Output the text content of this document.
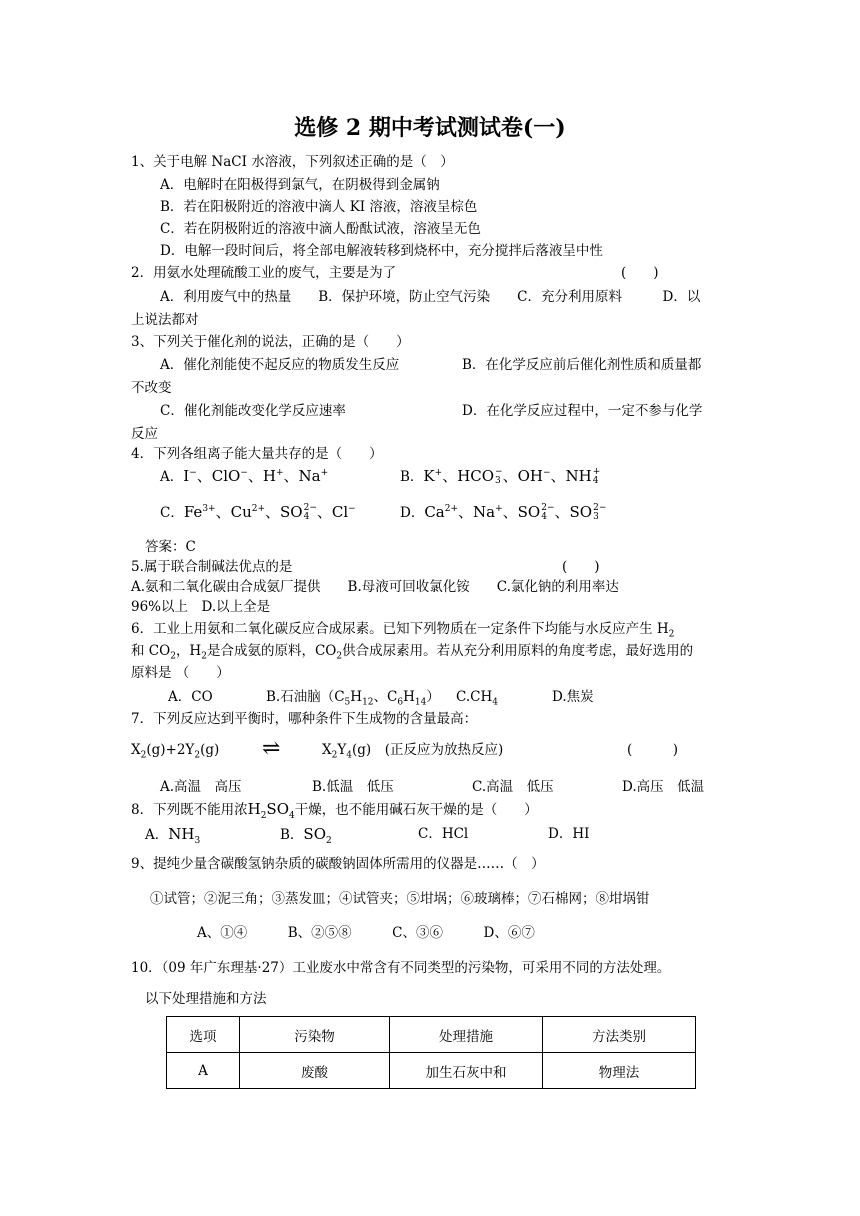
选修 2 期中考试测试卷(一)
1、关于电解 NaCI 水溶液，下列叙述正确的是（　）
A．电解时在阳极得到氯气，在阴极得到金属钠
B．若在阳极附近的溶液中滴人 KI 溶液，溶液呈棕色
C．若在阴极附近的溶液中滴人酚酞试液，溶液呈无色
D．电解一段时间后，将全部电解液转移到烧杯中，充分搅拌后落液呈中性
2．用氨水处理硫酸工业的废气，主要是为了	(　　)
A．利用废气中的热量　　B．保护环境，防止空气污染　　C．充分利用原料　　　D．以
上说法都对
3、下列关于催化剂的说法，正确的是（　　）
A．催化剂能使不起反应的物质发生反应	B．在化学反应前后催化剂性质和质量都
不改变
C．催化剂能改变化学反应速率	D．在化学反应过程中，一定不参与化学
反应
4．下列各组离子能大量共存的是（　　）
A．I−、ClO−、H+、Na+	B．K+、HCO −
3 、OH−、NH +
4
C．$Fe^{3+}$、$Cu^{2+}$、SO 2−
4 、Cl−	D．$Ca^{2+}$、Na+、SO 2−
4 、SO 2−
3
答案：C
5.属于联合制碱法优点的是	(　　)
A.氨和二氧化碳由合成氨厂提供　　B.母液可回收氯化铵　　C.氯化钠的利用率达
96%以上　D.以上全是
6．工业上用氨和二氧化碳反应合成尿素。已知下列物质在一定条件下均能与水反应产生 $H_2$
和 $CO_2$，$H_2$是合成氨的原料，$CO_2$供合成尿素用。若从充分利用原料的角度考虑，最好选用的
原料是 （　　）
A．CO	B.石油脑（$C_5H_{12}$、$C_6H_{14}$） $C.CH_4$	D.焦炭
7．下列反应达到平衡时，哪种条件下生成物的含量最高：
$X_2(g)+2Y_2(g)$ ⇌	$X_2Y_4(g)$　(正反应为放热反应)	(　　　)
A.高温　高压	B.低温　低压	C.高温　低压	D.高压　低温
8．下列既不能用浓$H_2SO_4$干燥，也不能用碱石灰干燥的是（　　）
A．$NH_3$	B．$SO_2$	C．HCl	D．HI
9、提纯少量含碳酸氢钠杂质的碳酸钠固体所需用的仪器是……（　）
①试管；②泥三角；③蒸发皿；④试管夹；⑤坩埚；⑥玻璃棒；⑦石棉网；⑧坩埚钳
A、①④　　　B、②⑤⑧　　　C、③⑥　　　D、⑥⑦
10．（09 年广东理基·27）工业废水中常含有不同类型的污染物，可采用不同的方法处理。
以下处理措施和方法
选项	污染物	处理措施	方法类别
A	废酸	加生石灰中和	物理法
